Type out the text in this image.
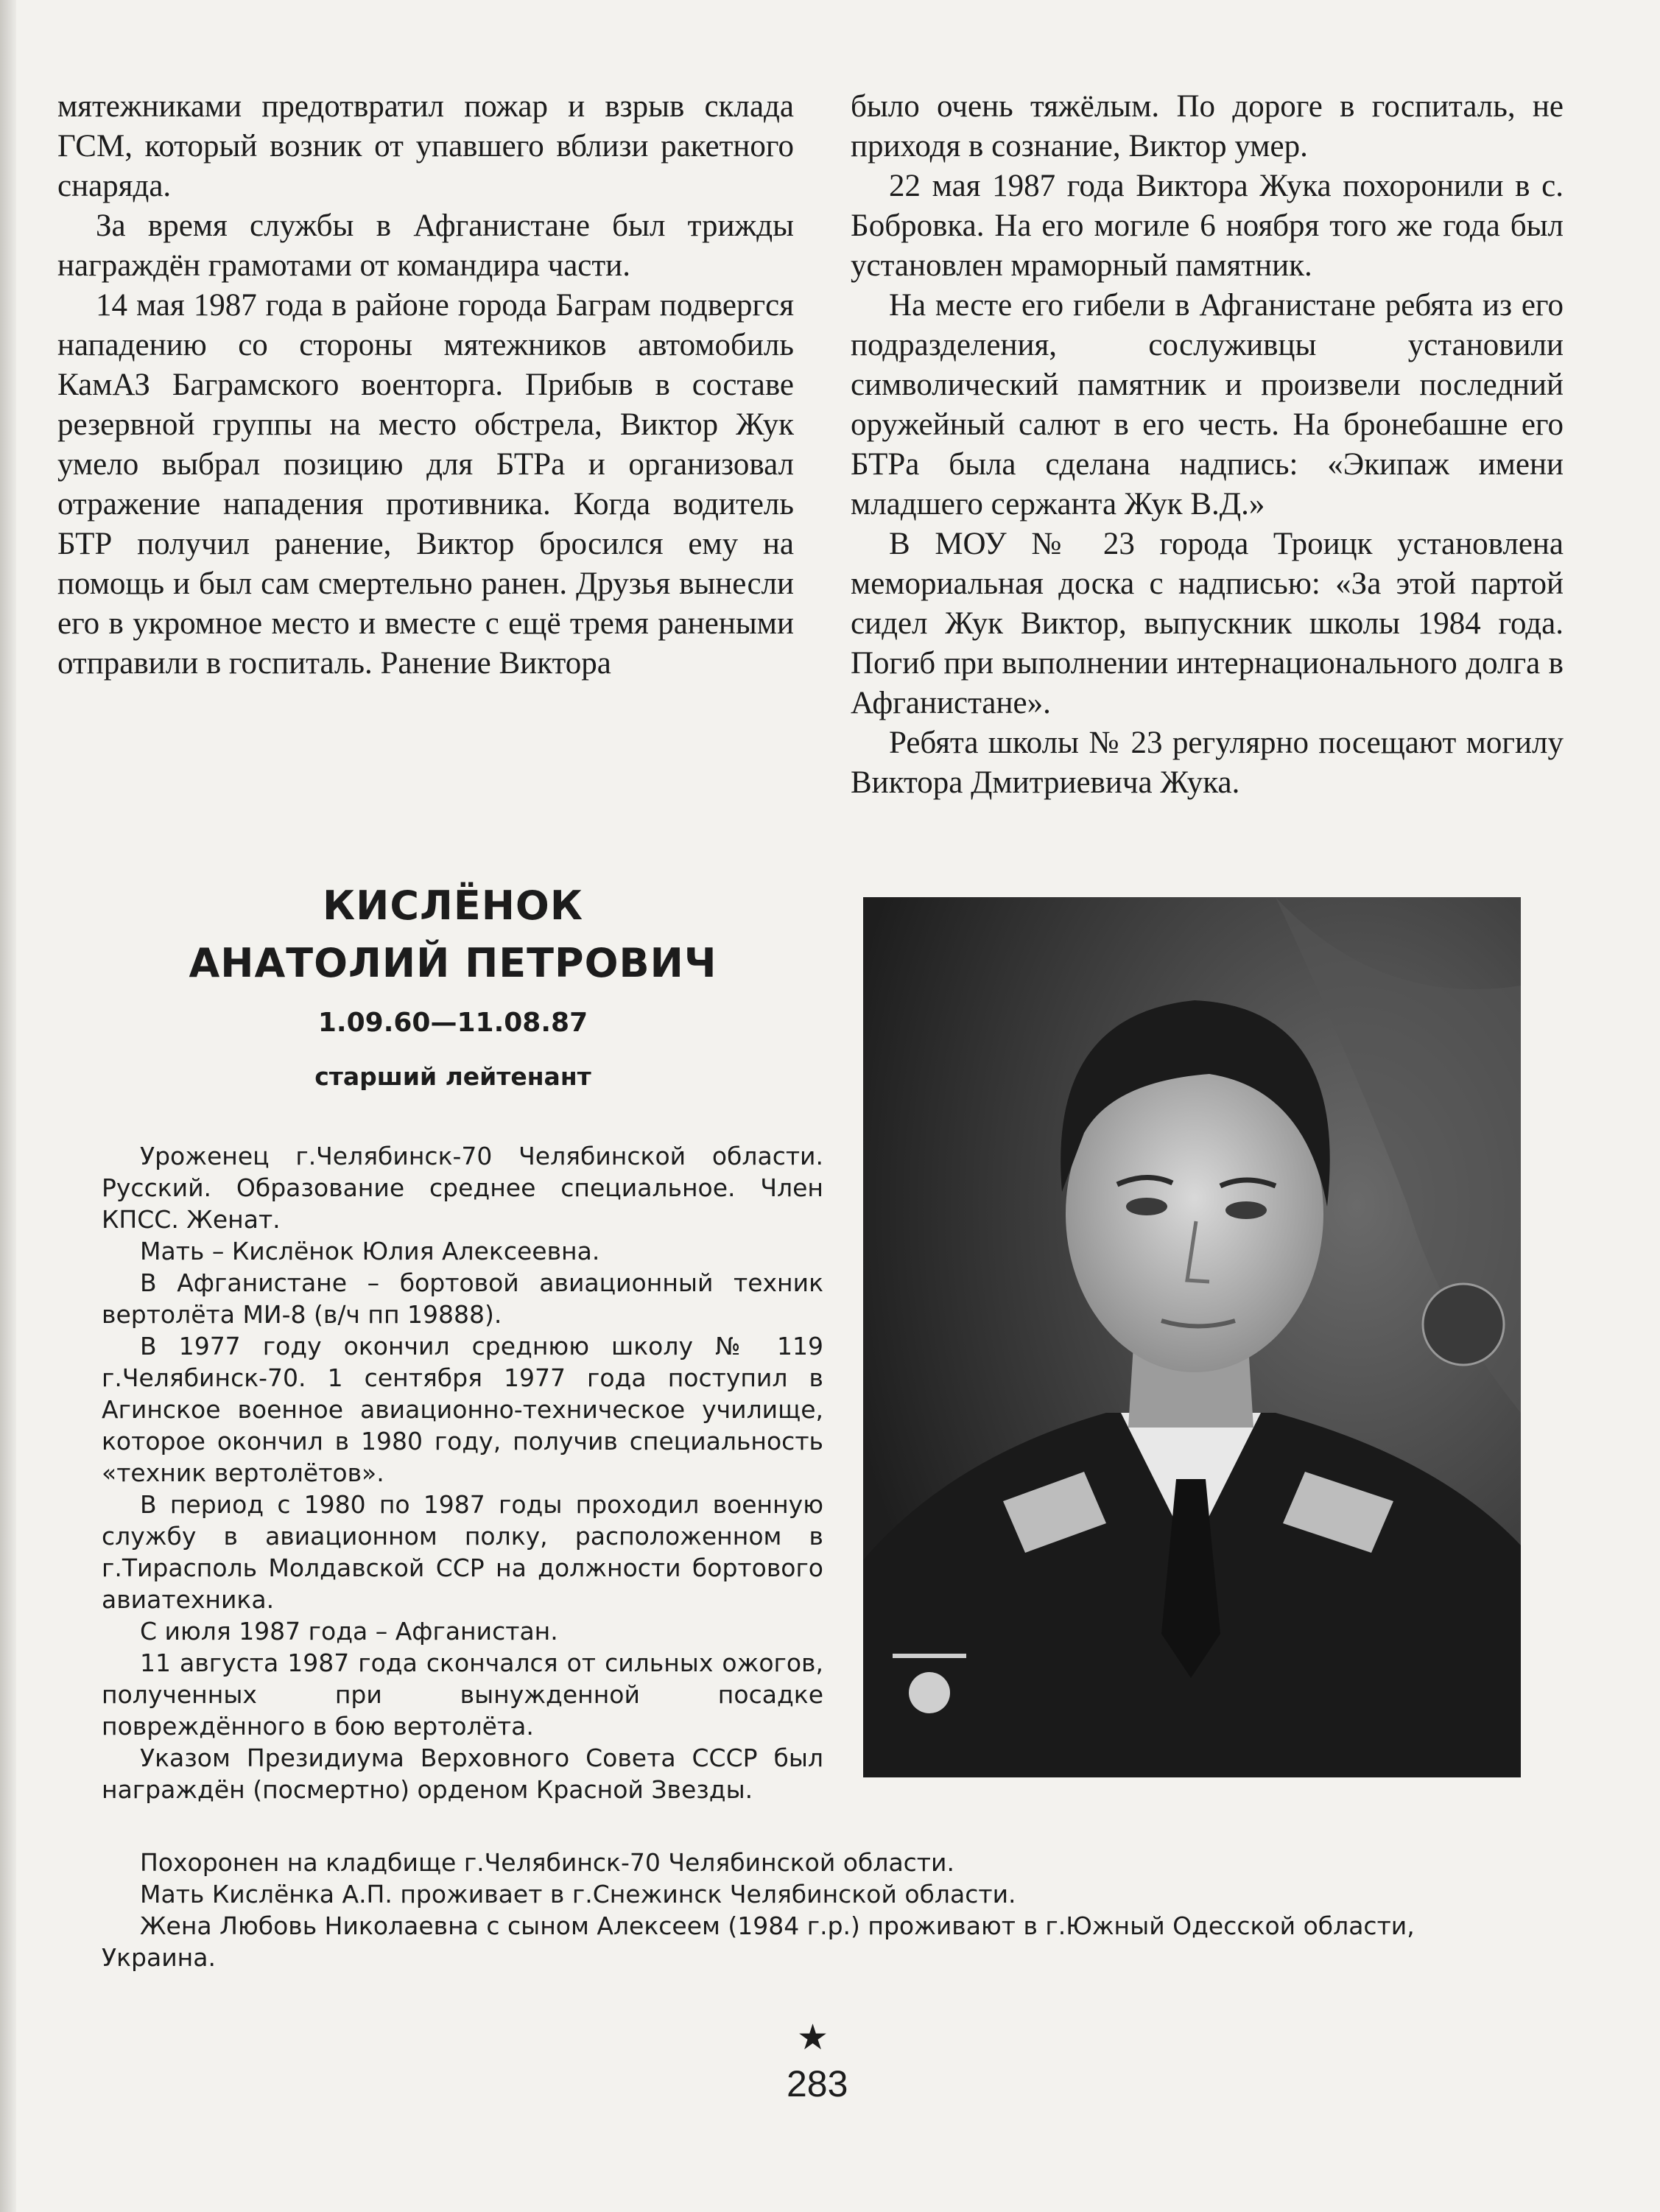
мятежниками предотвратил пожар и взрыв склада ГСМ, который возник от упавшего вблизи ракетного снаряда.

За время службы в Афганистане был трижды награждён грамотами от командира части.

14 мая 1987 года в районе города Баграм подвергся нападению со стороны мятежников автомобиль КамАЗ Баграмского военторга. Прибыв в составе резервной группы на место обстрела, Виктор Жук умело выбрал позицию для БТРа и организовал отражение нападения противника. Когда водитель БТР получил ранение, Виктор бросился ему на помощь и был сам смертельно ранен. Друзья вынесли его в укромное место и вместе с ещё тремя ранеными отправили в госпиталь. Ранение Виктора

было очень тяжёлым. По дороге в госпиталь, не приходя в сознание, Виктор умер.

22 мая 1987 года Виктора Жука похоронили в с. Бобровка. На его могиле 6 ноября того же года был установлен мраморный памятник.

На месте его гибели в Афганистане ребята из его подразделения, сослуживцы установили символический памятник и произвели последний оружейный салют в его честь. На бронебашне его БТРа была сделана надпись: «Экипаж имени младшего сержанта Жук В.Д.»

В МОУ № 23 города Троицк установлена мемориальная доска с надписью: «За этой партой сидел Жук Виктор, выпускник школы 1984 года. Погиб при выполнении интернационального долга в Афганистане».

Ребята школы № 23 регулярно посещают могилу Виктора Дмитриевича Жука.

КИСЛЁНОК
АНАТОЛИЙ ПЕТРОВИЧ
1.09.60—11.08.87
старший лейтенант

Уроженец г.Челябинск-70 Челябинской области. Русский. Образование среднее специальное. Член КПСС. Женат.

Мать – Кислёнок Юлия Алексеевна.

В Афганистане – бортовой авиационный техник вертолёта МИ-8 (в/ч пп 19888).

В 1977 году окончил среднюю школу № 119 г.Челябинск-70. 1 сентября 1977 года поступил в Агинское военное авиационно-техническое училище, которое окончил в 1980 году, получив специальность «техник вертолётов».

В период с 1980 по 1987 годы проходил военную службу в авиационном полку, расположенном в г.Тирасполь Молдавской ССР на должности бортового авиатехника.

С июля 1987 года – Афганистан.

11 августа 1987 года скончался от сильных ожогов, полученных при вынужденной посадке повреждённого в бою вертолёта.

Указом Президиума Верховного Совета СССР был награждён (посмертно) орденом Красной Звезды.

Похоронен на кладбище г.Челябинск-70 Челябинской области.

Мать Кислёнка А.П. проживает в г.Снежинск Челябинской области.

Жена Любовь Николаевна с сыном Алексеем (1984 г.р.) проживают в г.Южный Одесской области, Украина.

★
283
